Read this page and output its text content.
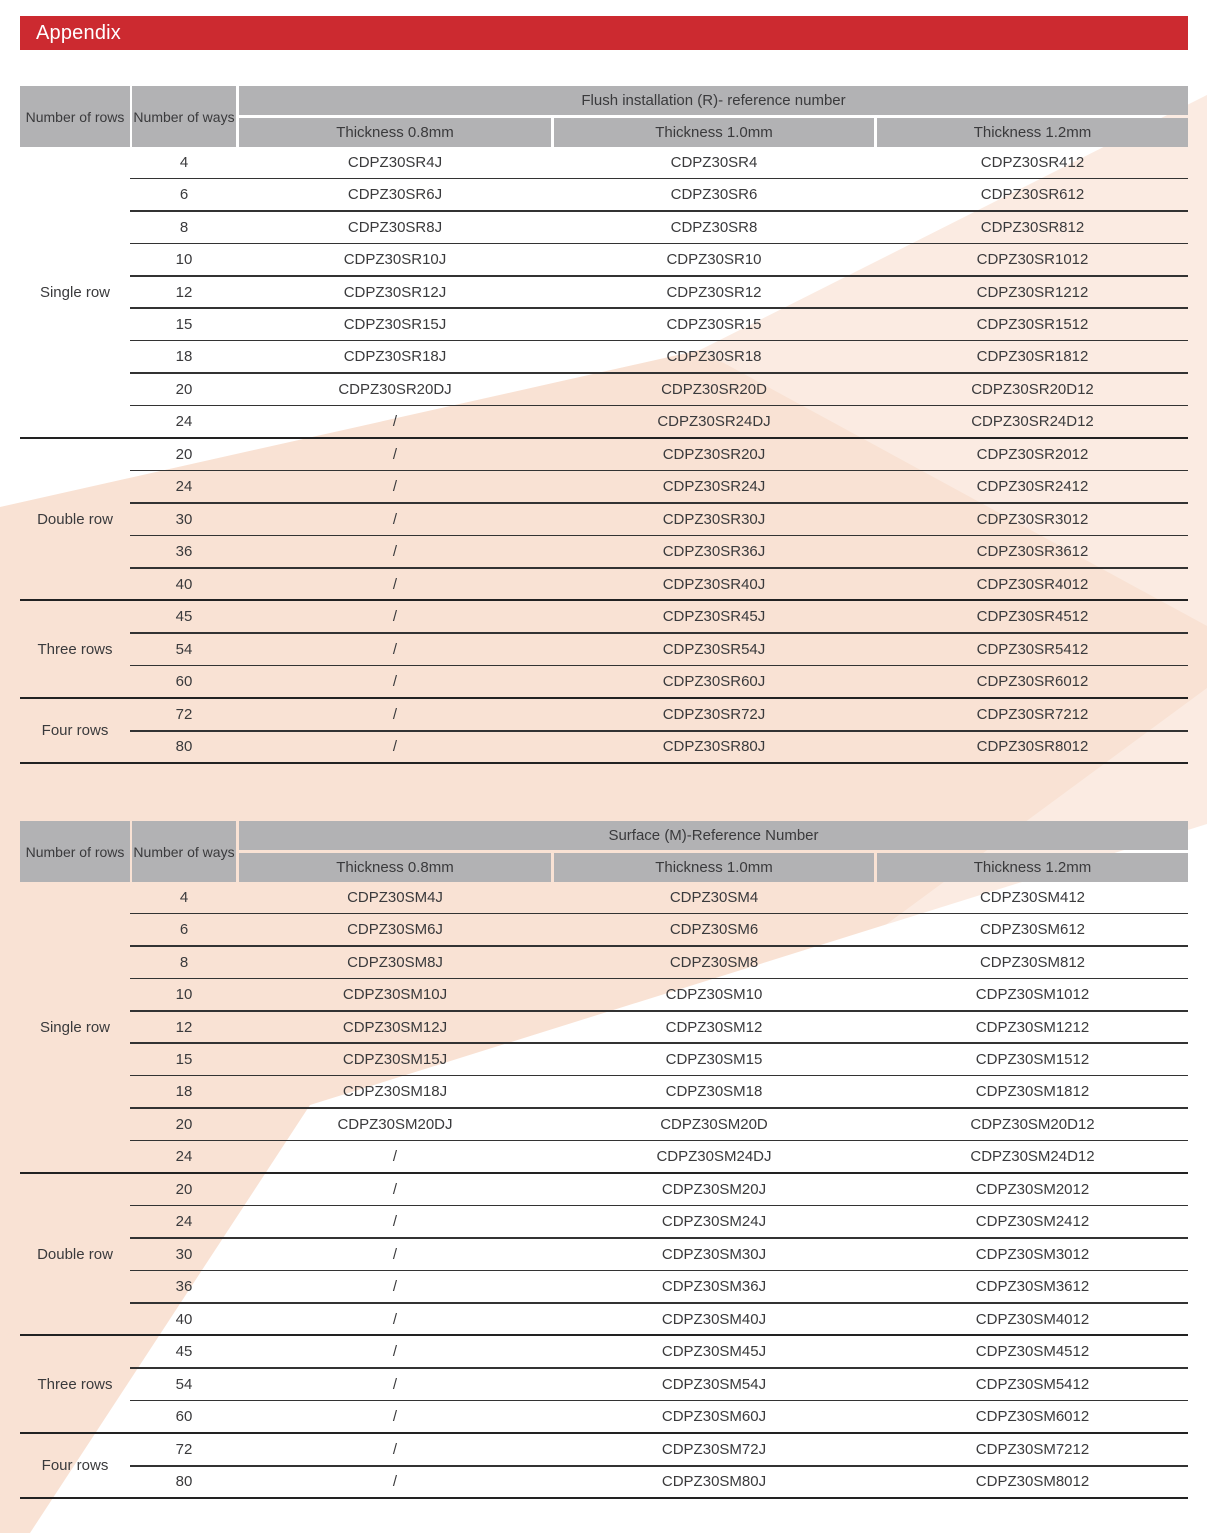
Appendix
Number of rows Number of ways
Flush installation (R)- reference number
Thickness 0.8mm	Thickness 1.0mm	Thickness 1.2mm
Single row
4	CDPZ30SR4J	CDPZ30SR4	CDPZ30SR412
6	CDPZ30SR6J	CDPZ30SR6	CDPZ30SR612
8	CDPZ30SR8J	CDPZ30SR8	CDPZ30SR812
10	CDPZ30SR10J	CDPZ30SR10	CDPZ30SR1012
12	CDPZ30SR12J	CDPZ30SR12	CDPZ30SR1212
15	CDPZ30SR15J	CDPZ30SR15	CDPZ30SR1512
18	CDPZ30SR18J	CDPZ30SR18	CDPZ30SR1812
20	CDPZ30SR20DJ	CDPZ30SR20D	CDPZ30SR20D12
24	/	CDPZ30SR24DJ	CDPZ30SR24D12
Double row
20	/	CDPZ30SR20J	CDPZ30SR2012
24	/	CDPZ30SR24J	CDPZ30SR2412
30	/	CDPZ30SR30J	CDPZ30SR3012
36	/	CDPZ30SR36J	CDPZ30SR3612
40	/	CDPZ30SR40J	CDPZ30SR4012
Three rows
45	/	CDPZ30SR45J	CDPZ30SR4512
54	/	CDPZ30SR54J	CDPZ30SR5412
60	/	CDPZ30SR60J	CDPZ30SR6012
Four rows
72	/	CDPZ30SR72J	CDPZ30SR7212
80	/	CDPZ30SR80J	CDPZ30SR8012
Number of rows Number of ways
Surface (M)-Reference Number
Thickness 0.8mm	Thickness 1.0mm	Thickness 1.2mm
Single row
4	CDPZ30SM4J	CDPZ30SM4	CDPZ30SM412
6	CDPZ30SM6J	CDPZ30SM6	CDPZ30SM612
8	CDPZ30SM8J	CDPZ30SM8	CDPZ30SM812
10	CDPZ30SM10J	CDPZ30SM10	CDPZ30SM1012
12	CDPZ30SM12J	CDPZ30SM12	CDPZ30SM1212
15	CDPZ30SM15J	CDPZ30SM15	CDPZ30SM1512
18	CDPZ30SM18J	CDPZ30SM18	CDPZ30SM1812
20	CDPZ30SM20DJ	CDPZ30SM20D	CDPZ30SM20D12
24	/	CDPZ30SM24DJ	CDPZ30SM24D12
Double row
20	/	CDPZ30SM20J	CDPZ30SM2012
24	/	CDPZ30SM24J	CDPZ30SM2412
30	/	CDPZ30SM30J	CDPZ30SM3012
36	/	CDPZ30SM36J	CDPZ30SM3612
40	/	CDPZ30SM40J	CDPZ30SM4012
Three rows
45	/	CDPZ30SM45J	CDPZ30SM4512
54	/	CDPZ30SM54J	CDPZ30SM5412
60	/	CDPZ30SM60J	CDPZ30SM6012
Four rows
72	/	CDPZ30SM72J	CDPZ30SM7212
80	/	CDPZ30SM80J	CDPZ30SM8012
